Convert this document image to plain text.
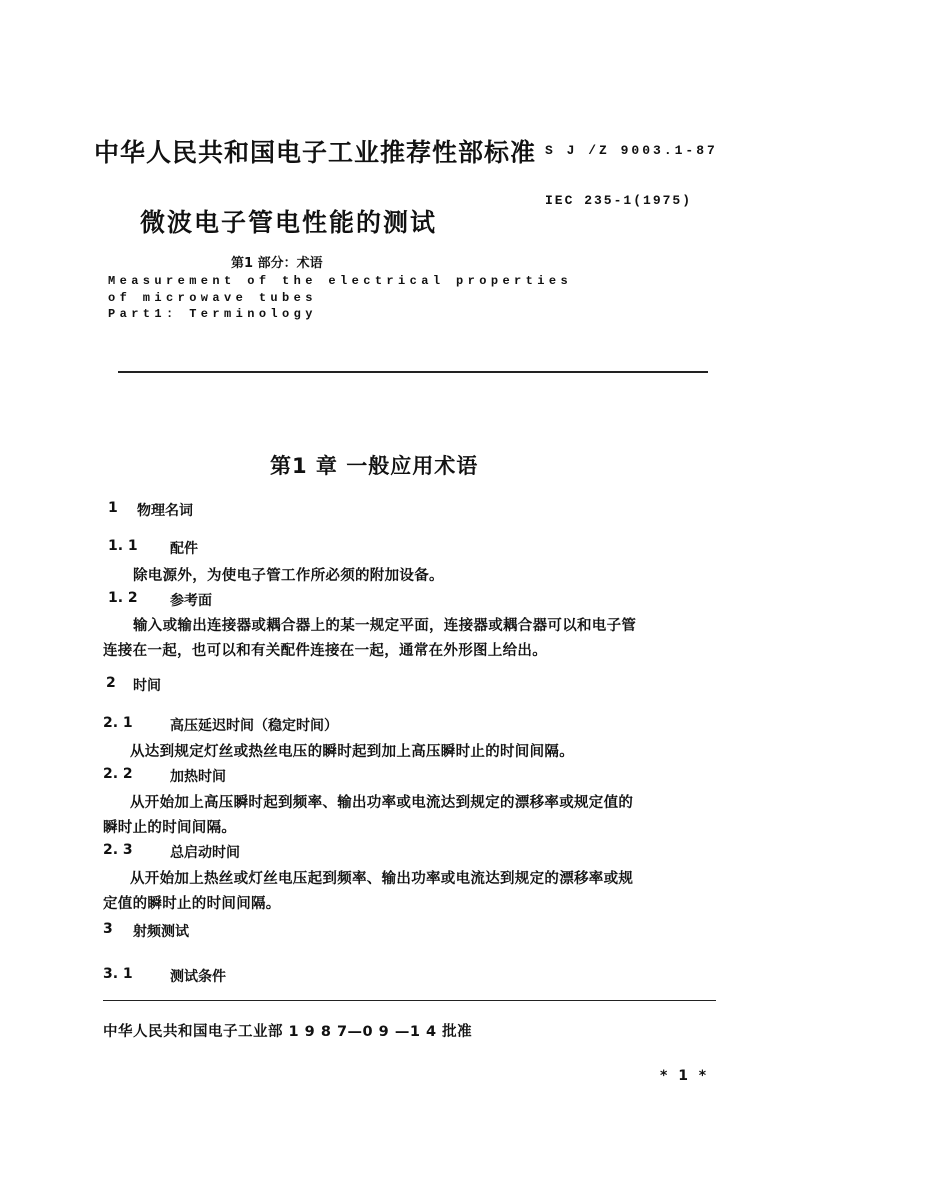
中华人民共和国电子工业推荐性部标准 S J /Z 9003.1-87
IEC 235-1(1975)
微波电子管电性能的测试
第1 部分：术语
Measurement of the electrical properties
of microwave tubes
Part1: Terminology
第1 章 一般应用术语
1 物理名词
1. 1 配件
除电源外，为使电子管工作所必须的附加设备。
1. 2 参考面
输入或输出连接器或耦合器上的某一规定平面，连接器或耦合器可以和电子管
连接在一起，也可以和有关配件连接在一起，通常在外形图上给出。
2 时间
2. 1	高压延迟时间（稳定时间）
从达到规定灯丝或热丝电压的瞬时起到加上高压瞬时止的时间间隔。
2. 2	加热时间
从开始加上高压瞬时起到频率、输出功率或电流达到规定的漂移率或规定值的
瞬时止的时间间隔。
2. 3	总启动时间
从开始加上热丝或灯丝电压起到频率、输出功率或电流达到规定的漂移率或规
定值的瞬时止的时间间隔。
3 射频测试
3. 1	测试条件
中华人民共和国电子工业部 1 9 8 7—0 9 —1 4 批准
* 1 *
